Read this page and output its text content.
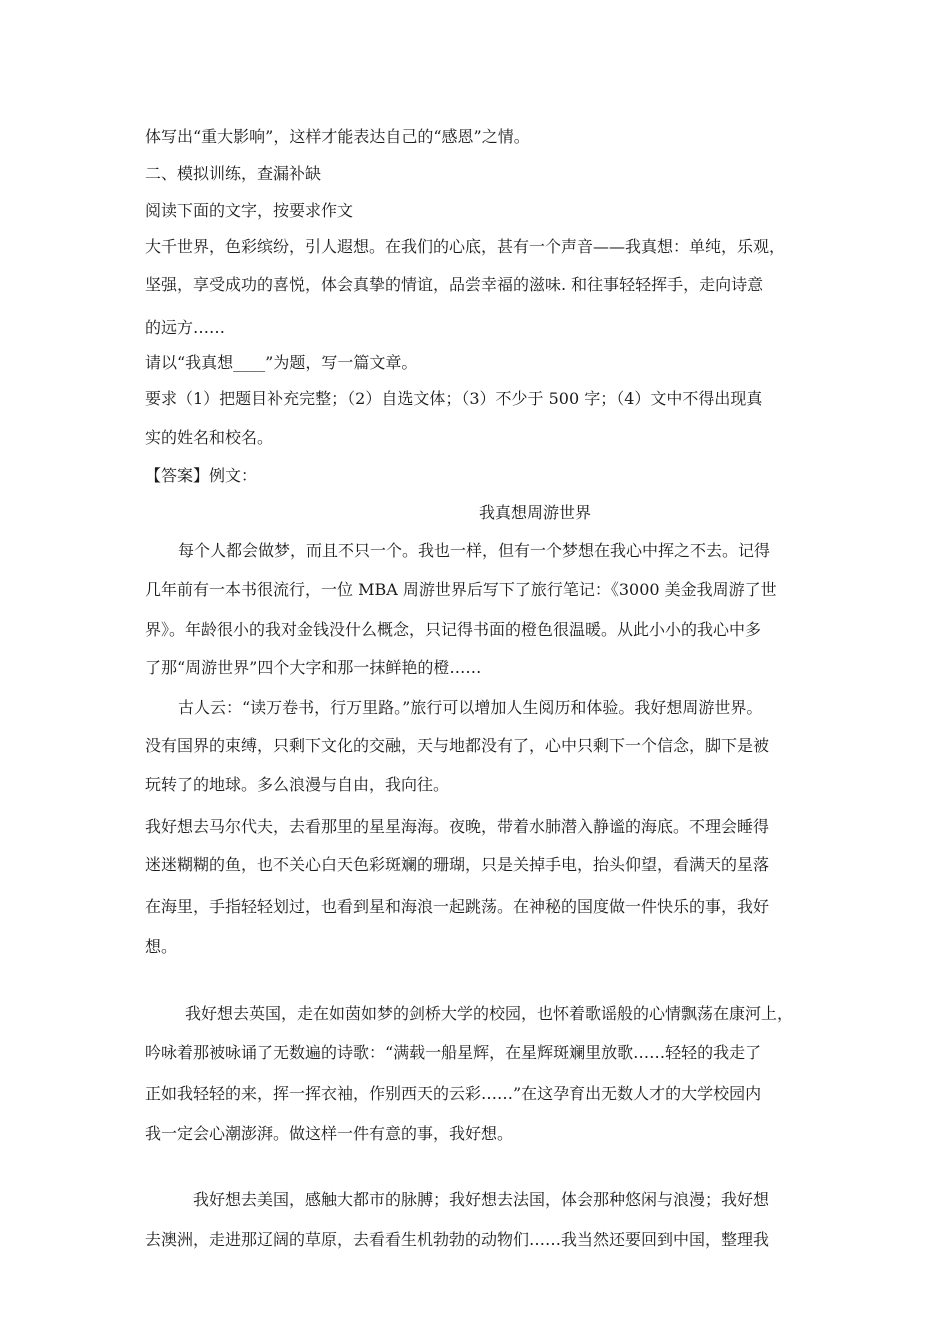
体写出“重大影响”，这样才能表达自己的“感恩”之情。
二、模拟训练，查漏补缺
阅读下面的文字，按要求作文
大千世界，色彩缤纷，引人遐想。在我们的心底，甚有一个声音——我真想：单纯，乐观，
坚强，享受成功的喜悦，体会真挚的情谊，品尝幸福的滋味. 和往事轻轻挥手，走向诗意
的远方……
请以“我真想____”为题，写一篇文章。
要求（1）把题目补充完整；（2）自选文体；（3）不少于 500 字；（4）文中不得出现真
实的姓名和校名。
【答案】例文：
我真想周游世界
每个人都会做梦，而且不只一个。我也一样，但有一个梦想在我心中挥之不去。记得
几年前有一本书很流行，一位 MBA 周游世界后写下了旅行笔记：《3000 美金我周游了世
界》。年龄很小的我对金钱没什么概念，只记得书面的橙色很温暖。从此小小的我心中多
了那“周游世界”四个大字和那一抹鲜艳的橙……
古人云：“读万卷书，行万里路。”旅行可以增加人生阅历和体验。我好想周游世界。
没有国界的束缚，只剩下文化的交融，天与地都没有了，心中只剩下一个信念，脚下是被
玩转了的地球。多么浪漫与自由，我向往。
我好想去马尔代夫，去看那里的星星海海。夜晚，带着水肺潜入静谧的海底。不理会睡得
迷迷糊糊的鱼，也不关心白天色彩斑斓的珊瑚，只是关掉手电，抬头仰望，看满天的星落
在海里，手指轻轻划过，也看到星和海浪一起跳荡。在神秘的国度做一件快乐的事，我好
想。
我好想去英国，走在如茵如梦的剑桥大学的校园，也怀着歌谣般的心情飘荡在康河上，
吟咏着那被咏诵了无数遍的诗歌：“满载一船星辉，在星辉斑斓里放歌……轻轻的我走了
正如我轻轻的来，挥一挥衣袖，作别西天的云彩……”在这孕育出无数人才的大学校园内
我一定会心潮澎湃。做这样一件有意的事，我好想。
我好想去美国，感触大都市的脉膊；我好想去法国，体会那种悠闲与浪漫；我好想
去澳洲，走进那辽阔的草原，去看看生机勃勃的动物们……我当然还要回到中国，整理我
